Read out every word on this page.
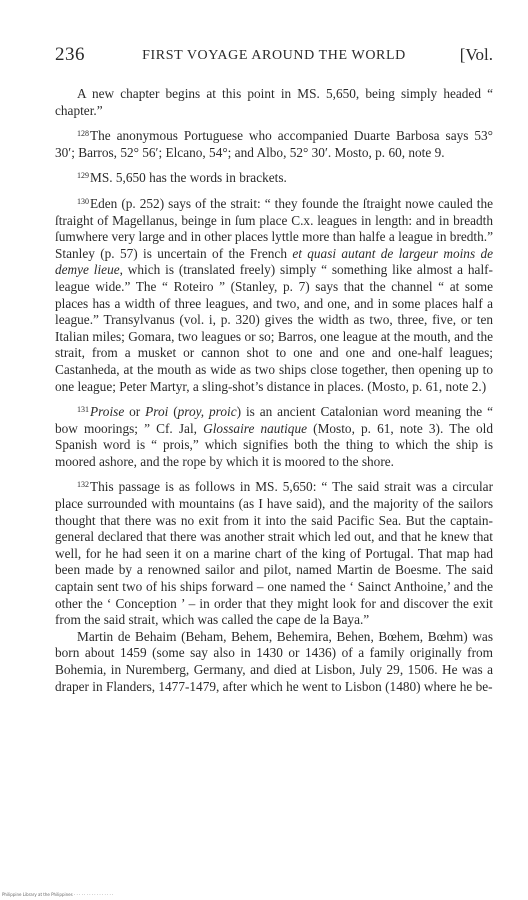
236	FIRST VOYAGE AROUND THE WORLD	[Vol.

A new chapter begins at this point in MS. 5,650, being simply headed “ chapter.”

$^{128}$The anonymous Portuguese who accompanied Duarte Barbosa says 53° 30′; Barros, 52° 56′; Elcano, 54°; and Albo, 52° 30′. Mosto, p. 60, note 9.

$^{129}$MS. 5,650 has the words in brackets.

$^{130}$Eden (p. 252) says of the strait: “ they founde the ſtraight nowe cauled the ſtraight of Magellanus, beinge in ſum place C.x. leagues in length: and in breadth ſumwhere very large and in other places lyttle more than halfe a league in bredth.” Stanley (p. 57) is uncertain of the French et quasi autant de largeur moins de demye lieue, which is (translated freely) simply “ something like almost a half-league wide.” The “ Roteiro ” (Stanley, p. 7) says that the channel “ at some places has a width of three leagues, and two, and one, and in some places half a league.” Transylvanus (vol. i, p. 320) gives the width as two, three, five, or ten Italian miles; Gomara, two leagues or so; Barros, one league at the mouth, and the strait, from a musket or cannon shot to one and one and one-half leagues; Castanheda, at the mouth as wide as two ships close together, then opening up to one league; Peter Martyr, a sling-shot’s distance in places. (Mosto, p. 61, note 2.)

$^{131}$Proise or Proi (proy, proic) is an ancient Catalonian word meaning the “ bow moorings; ” Cf. Jal, Glossaire nautique (Mosto, p. 61, note 3). The old Spanish word is “ prois,” which signifies both the thing to which the ship is moored ashore, and the rope by which it is moored to the shore.

$^{132}$This passage is as follows in MS. 5,650: “ The said strait was a circular place surrounded with mountains (as I have said), and the majority of the sailors thought that there was no exit from it into the said Pacific Sea. But the captain-general declared that there was another strait which led out, and that he knew that well, for he had seen it on a marine chart of the king of Portugal. That map had been made by a renowned sailor and pilot, named Martin de Boesme. The said captain sent two of his ships forward – one named the ‘ Sainct Anthoine,’ and the other the ‘ Conception ’ – in order that they might look for and discover the exit from the said strait, which was called the cape de la Baya.”

Martin de Behaim (Beham, Behem, Behemira, Behen, Bœhem, Bœhm) was born about 1459 (some say also in 1430 or 1436) of a family originally from Bohemia, in Nuremberg, Germany, and died at Lisbon, July 29, 1506. He was a draper in Flanders, 1477-1479, after which he went to Lisbon (1480) where he be-

Philippine Library at the Philippines · · · · · · · · · · · · · · · ·
